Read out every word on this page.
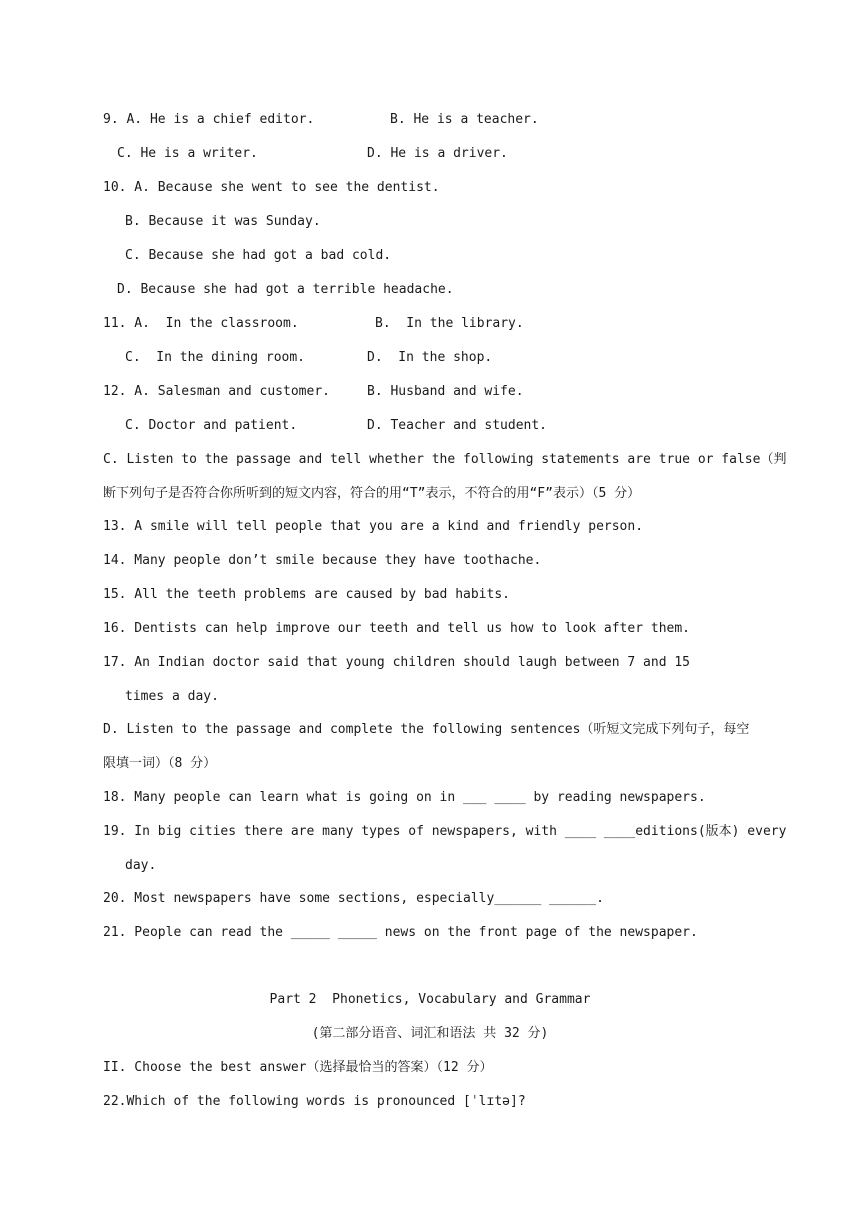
9. A. He is a chief editor.	B. He is a teacher.
C. He is a writer.	D. He is a driver.
10. A. Because she went to see the dentist.
B. Because it was Sunday.
C. Because she had got a bad cold.
D. Because she had got a terrible headache.
11. A.  In the classroom.	B.  In the library.
C.  In the dining room.	D.  In the shop.
12. A. Salesman and customer.	B. Husband and wife.
C. Doctor and patient.	D. Teacher and student.
C. Listen to the passage and tell whether the following statements are true or false（判
断下列句子是否符合你所听到的短文内容，符合的用“T”表示，不符合的用“F”表示）（5 分）
13. A smile will tell people that you are a kind and friendly person.
14. Many people don’t smile because they have toothache.
15. All the teeth problems are caused by bad habits.
16. Dentists can help improve our teeth and tell us how to look after them.
17. An Indian doctor said that young children should laugh between 7 and 15
times a day.
D. Listen to the passage and complete the following sentences（听短文完成下列句子，每空
限填一词）（8 分）
18. Many people can learn what is going on in ___ ____ by reading newspapers.
19. In big cities there are many types of newspapers, with ____ ____editions(版本) every
day.
20. Most newspapers have some sections, especially______ ______.
21. People can read the _____ _____ news on the front page of the newspaper.
Part 2  Phonetics, Vocabulary and Grammar
(第二部分语音、词汇和语法 共 32 分)
II. Choose the best answer（选择最恰当的答案）（12 分）
22.Which of the following words is pronounced [ˈlɪtə]?
